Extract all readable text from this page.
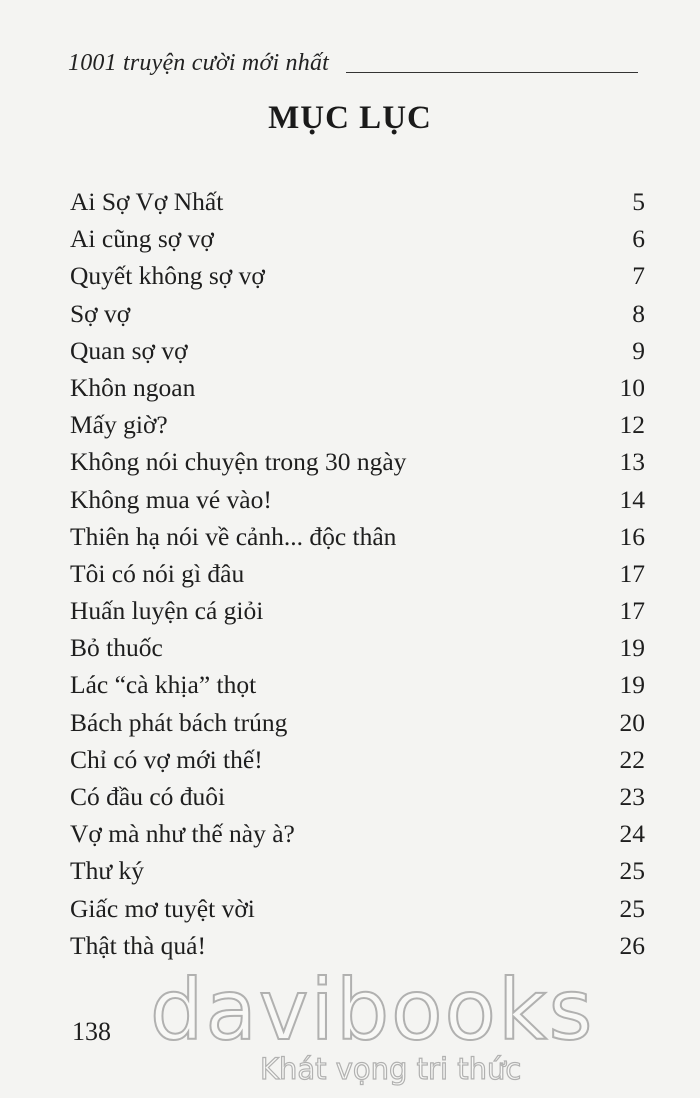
1001 truyện cười mới nhất
MỤC LỤC
Ai Sợ Vợ Nhất	5
Ai cũng sợ vợ	6
Quyết không sợ vợ	7
Sợ vợ	8
Quan sợ vợ	9
Khôn ngoan	10
Mấy giờ?	12
Không nói chuyện trong 30 ngày	13
Không mua vé vào!	14
Thiên hạ nói về cảnh... độc thân	16
Tôi có nói gì đâu	17
Huấn luyện cá giỏi	17
Bỏ thuốc	19
Lác “cà khịa” thọt	19
Bách phát bách trúng	20
Chỉ có vợ mới thế!	22
Có đầu có đuôi	23
Vợ mà như thế này à?	24
Thư ký	25
Giấc mơ tuyệt vời	25
Thật thà quá!	26
138 davibooks
Khát vọng tri thức
